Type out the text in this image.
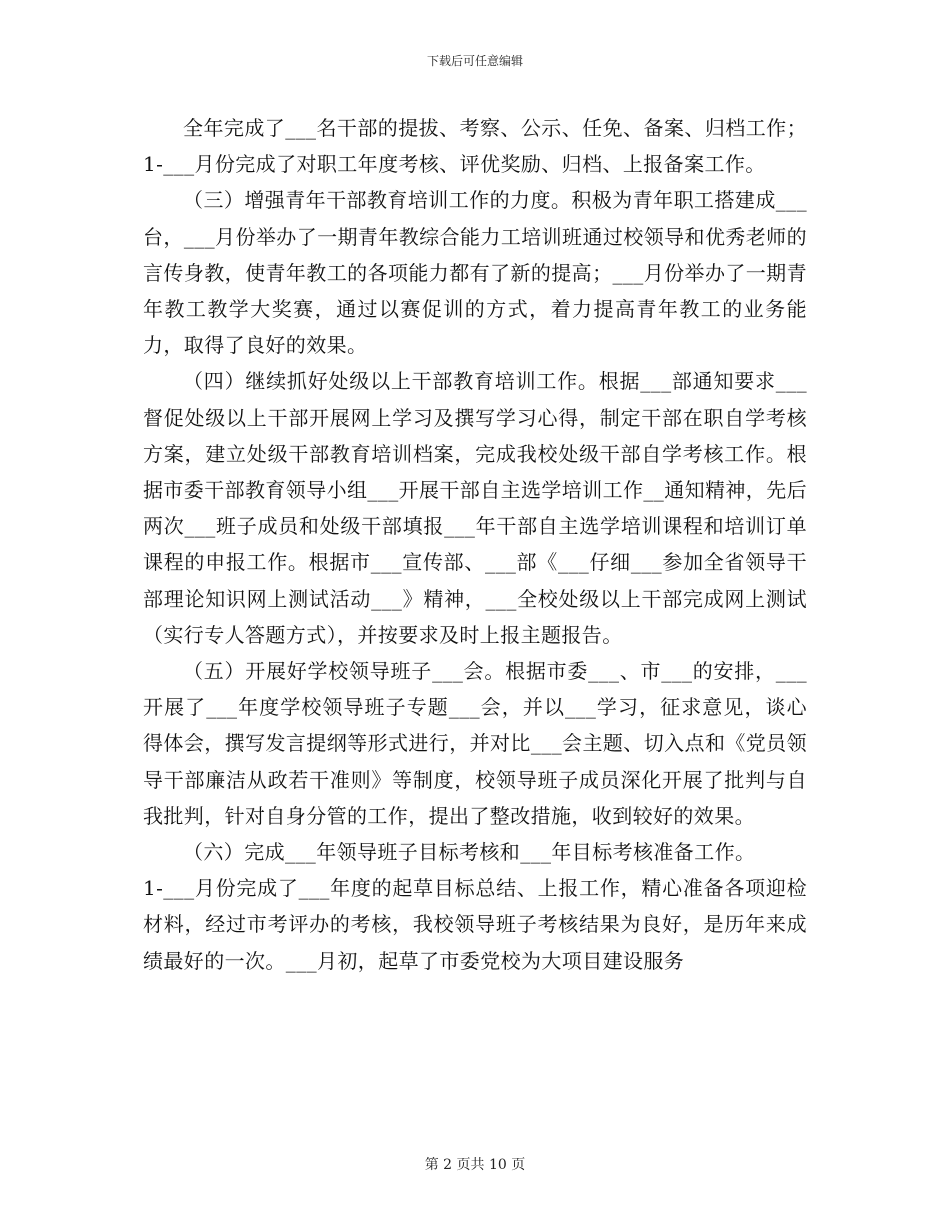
下载后可任意编辑

全年完成了___名干部的提拔、考察、公示、任免、备案、归档工作；1-___月份完成了对职工年度考核、评优奖励、归档、上报备案工作。

（三）增强青年干部教育培训工作的力度。积极为青年职工搭建成___台，___月份举办了一期青年教综合能力工培训班通过校领导和优秀老师的言传身教，使青年教工的各项能力都有了新的提高；___月份举办了一期青年教工教学大奖赛，通过以赛促训的方式，着力提高青年教工的业务能力，取得了良好的效果。

（四）继续抓好处级以上干部教育培训工作。根据___部通知要求___督促处级以上干部开展网上学习及撰写学习心得，制定干部在职自学考核方案，建立处级干部教育培训档案，完成我校处级干部自学考核工作。根据市委干部教育领导小组___开展干部自主选学培训工作__通知精神，先后两次___班子成员和处级干部填报___年干部自主选学培训课程和培训订单课程的申报工作。根据市___宣传部、___部《___仔细___参加全省领导干部理论知识网上测试活动___》精神，___全校处级以上干部完成网上测试（实行专人答题方式），并按要求及时上报主题报告。

（五）开展好学校领导班子___会。根据市委___、市___的安排，___开展了___年度学校领导班子专题___会，并以___学习，征求意见，谈心得体会，撰写发言提纲等形式进行，并对比___会主题、切入点和《党员领导干部廉洁从政若干准则》等制度，校领导班子成员深化开展了批判与自我批判，针对自身分管的工作，提出了整改措施，收到较好的效果。

（六）完成___年领导班子目标考核和___年目标考核准备工作。

1-___月份完成了___年度的起草目标总结、上报工作，精心准备各项迎检材料，经过市考评办的考核，我校领导班子考核结果为良好，是历年来成绩最好的一次。___月初，起草了市委党校为大项目建设服务

第 2 页共 10 页
